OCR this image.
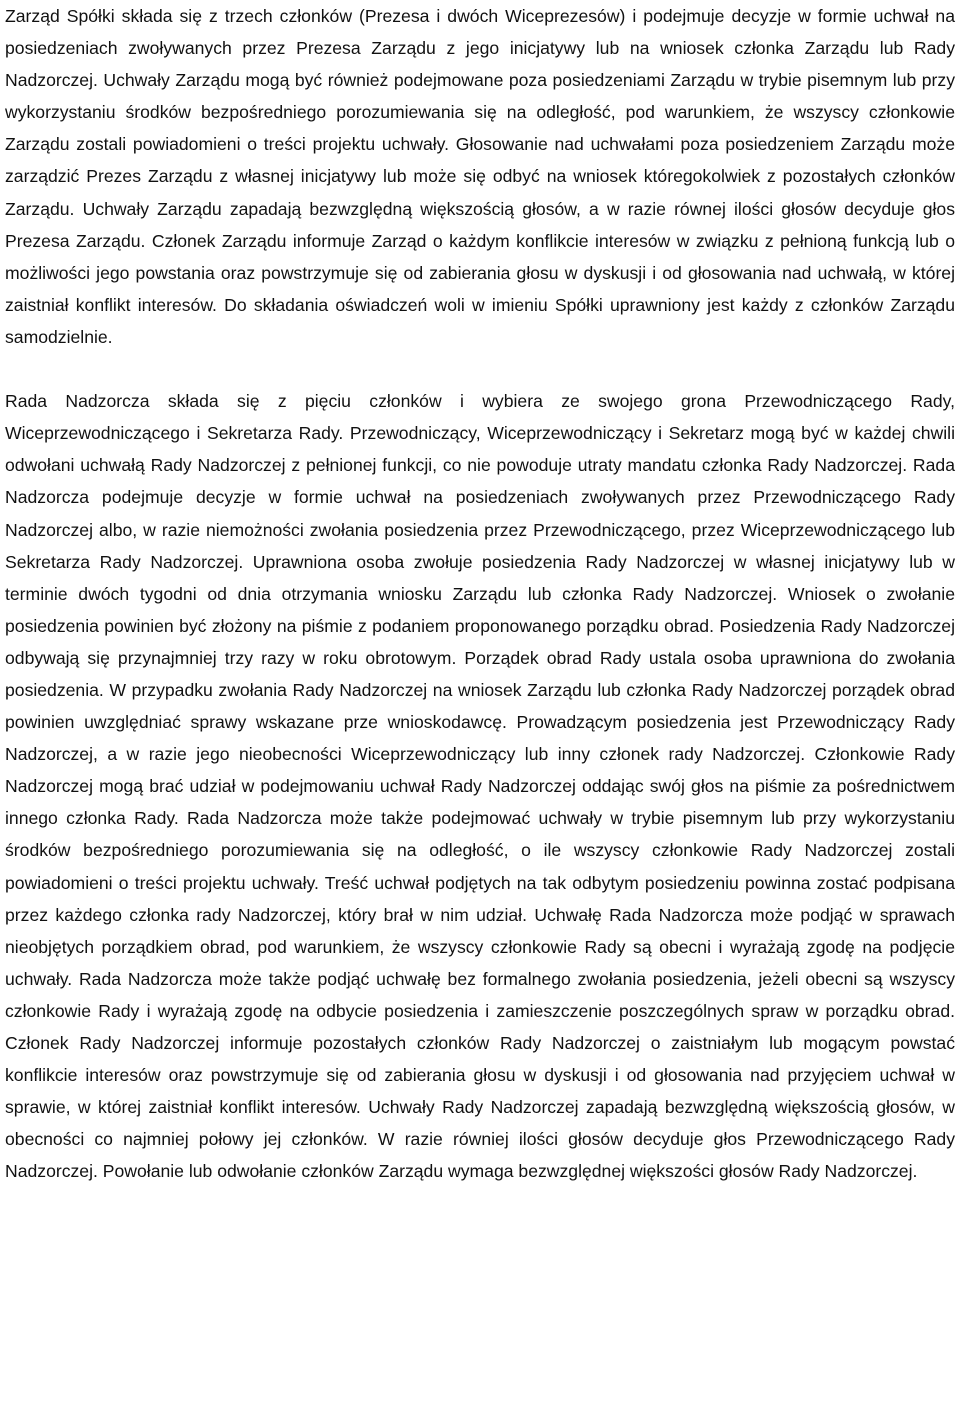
Zarząd Spółki składa się z trzech członków (Prezesa i dwóch Wiceprezesów) i podejmuje decyzje w formie uchwał na posiedzeniach zwoływanych przez Prezesa Zarządu z jego inicjatywy lub na wniosek członka Zarządu lub Rady Nadzorczej. Uchwały Zarządu mogą być również podejmowane poza posiedzeniami Zarządu w trybie pisemnym lub przy wykorzystaniu środków bezpośredniego porozumiewania się na odległość, pod warunkiem, że wszyscy członkowie Zarządu zostali powiadomieni o treści projektu uchwały. Głosowanie nad uchwałami poza posiedzeniem Zarządu może zarządzić Prezes Zarządu z własnej inicjatywy lub może się odbyć na wniosek któregokolwiek z pozostałych członków Zarządu. Uchwały Zarządu zapadają bezwzględną większością głosów, a w razie równej ilości głosów decyduje głos Prezesa Zarządu. Członek Zarządu informuje Zarząd o każdym konflikcie interesów w związku z pełnioną funkcją lub o możliwości jego powstania oraz powstrzymuje się od zabierania głosu w dyskusji i od głosowania nad uchwałą, w której zaistniał konflikt interesów. Do składania oświadczeń woli w imieniu Spółki uprawniony jest każdy z członków Zarządu samodzielnie.

Rada Nadzorcza składa się z pięciu członków i wybiera ze swojego grona Przewodniczącego Rady, Wiceprzewodniczącego i Sekretarza Rady. Przewodniczący, Wiceprzewodniczący i Sekretarz mogą być w każdej chwili odwołani uchwałą Rady Nadzorczej z pełnionej funkcji, co nie powoduje utraty mandatu członka Rady Nadzorczej. Rada Nadzorcza podejmuje decyzje w formie uchwał na posiedzeniach zwoływanych przez Przewodniczącego Rady Nadzorczej albo, w razie niemożności zwołania posiedzenia przez Przewodniczącego, przez Wiceprzewodniczącego lub Sekretarza Rady Nadzorczej. Uprawniona osoba zwołuje posiedzenia Rady Nadzorczej w własnej inicjatywy lub w terminie dwóch tygodni od dnia otrzymania wniosku Zarządu lub członka Rady Nadzorczej. Wniosek o zwołanie posiedzenia powinien być złożony na piśmie z podaniem proponowanego porządku obrad. Posiedzenia Rady Nadzorczej odbywają się przynajmniej trzy razy w roku obrotowym. Porządek obrad Rady ustala osoba uprawniona do zwołania posiedzenia. W przypadku zwołania Rady Nadzorczej na wniosek Zarządu lub członka Rady Nadzorczej porządek obrad powinien uwzględniać sprawy wskazane prze wnioskodawcę. Prowadzącym posiedzenia jest Przewodniczący Rady Nadzorczej, a w razie jego nieobecności Wiceprzewodniczący lub inny członek rady Nadzorczej. Członkowie Rady Nadzorczej mogą brać udział w podejmowaniu uchwał Rady Nadzorczej oddając swój głos na piśmie za pośrednictwem innego członka Rady. Rada Nadzorcza może także podejmować uchwały w trybie pisemnym lub przy wykorzystaniu środków bezpośredniego porozumiewania się na odległość, o ile wszyscy członkowie Rady Nadzorczej zostali powiadomieni o treści projektu uchwały. Treść uchwał podjętych na tak odbytym posiedzeniu powinna zostać podpisana przez każdego członka rady Nadzorczej, który brał w nim udział. Uchwałę Rada Nadzorcza może podjąć w sprawach nieobjętych porządkiem obrad, pod warunkiem, że wszyscy członkowie Rady są obecni i wyrażają zgodę na podjęcie uchwały. Rada Nadzorcza może także podjąć uchwałę bez formalnego zwołania posiedzenia, jeżeli obecni są wszyscy członkowie Rady i wyrażają zgodę na odbycie posiedzenia i zamieszczenie poszczególnych spraw w porządku obrad. Członek Rady Nadzorczej informuje pozostałych członków Rady Nadzorczej o zaistniałym lub mogącym powstać konflikcie interesów oraz powstrzymuje się od zabierania głosu w dyskusji i od głosowania nad przyjęciem uchwał w sprawie, w której zaistniał konflikt interesów. Uchwały Rady Nadzorczej zapadają bezwzględną większością głosów, w obecności co najmniej połowy jej członków. W razie równiej ilości głosów decyduje głos Przewodniczącego Rady Nadzorczej. Powołanie lub odwołanie członków Zarządu wymaga bezwzględnej większości głosów Rady Nadzorczej.
